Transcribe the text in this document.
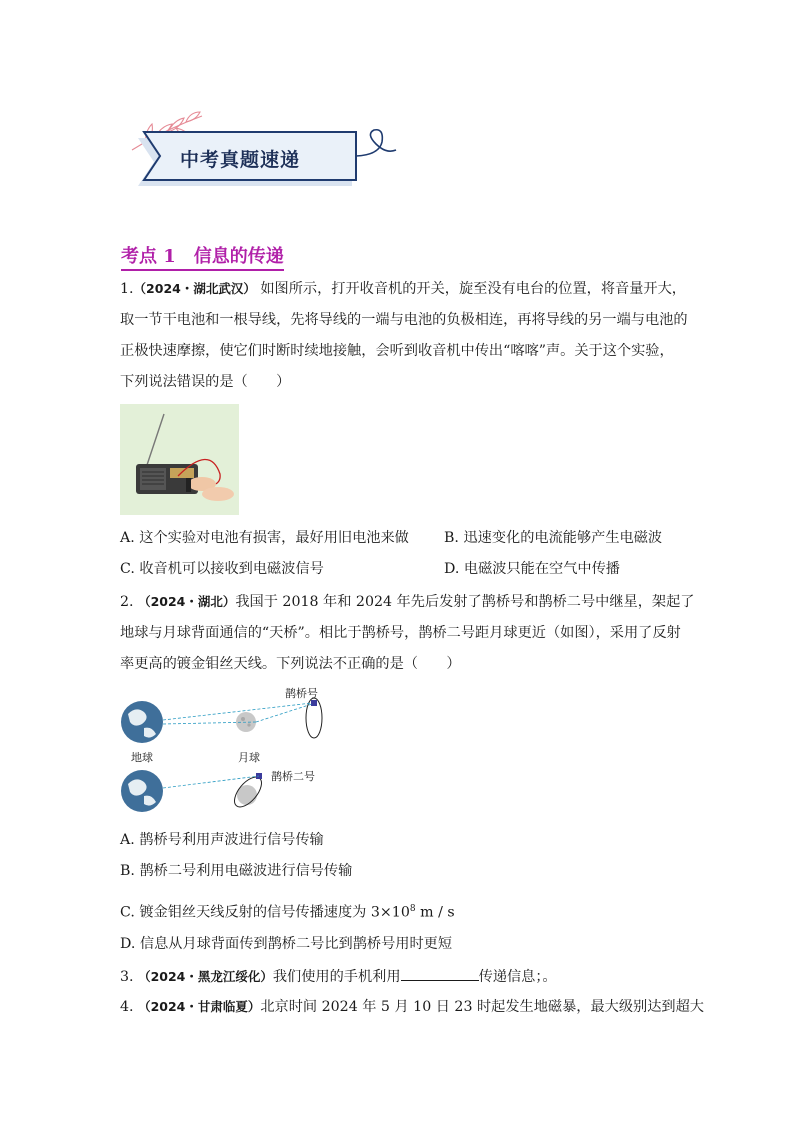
中考真题速递
考点 1　信息的传递
1.（2024・湖北武汉） 如图所示，打开收音机的开关，旋至没有电台的位置，将音量开大，
取一节干电池和一根导线，先将导线的一端与电池的负极相连，再将导线的另一端与电池的
正极快速摩擦，使它们时断时续地接触，会听到收音机中传出“喀喀”声。关于这个实验，
下列说法错误的是（　　）
A. 这个实验对电池有损害，最好用旧电池来做 B. 迅速变化的电流能够产生电磁波
C. 收音机可以接收到电磁波信号	D. 电磁波只能在空气中传播
2. （2024・湖北）我国于 2018 年和 2024 年先后发射了鹊桥号和鹊桥二号中继星，架起了
地球与月球背面通信的“天桥”。相比于鹊桥号，鹊桥二号距月球更近（如图），采用了反射
率更高的镀金钼丝天线。下列说法不正确的是（　　）
鹊桥号
地球	月球
鹊桥二号
A. 鹊桥号利用声波进行信号传输
B. 鹊桥二号利用电磁波进行信号传输
C. 镀金钼丝天线反射的信号传播速度为 $3\times 10^8$ m / s
D. 信息从月球背面传到鹊桥二号比到鹊桥号用时更短
3. （2024・黑龙江绥化）我们使用的手机利用	传递信息；。
4. （2024・甘肃临夏）北京时间 2024 年 5 月 10 日 23 时起发生地磁暴，最大级别达到超大
